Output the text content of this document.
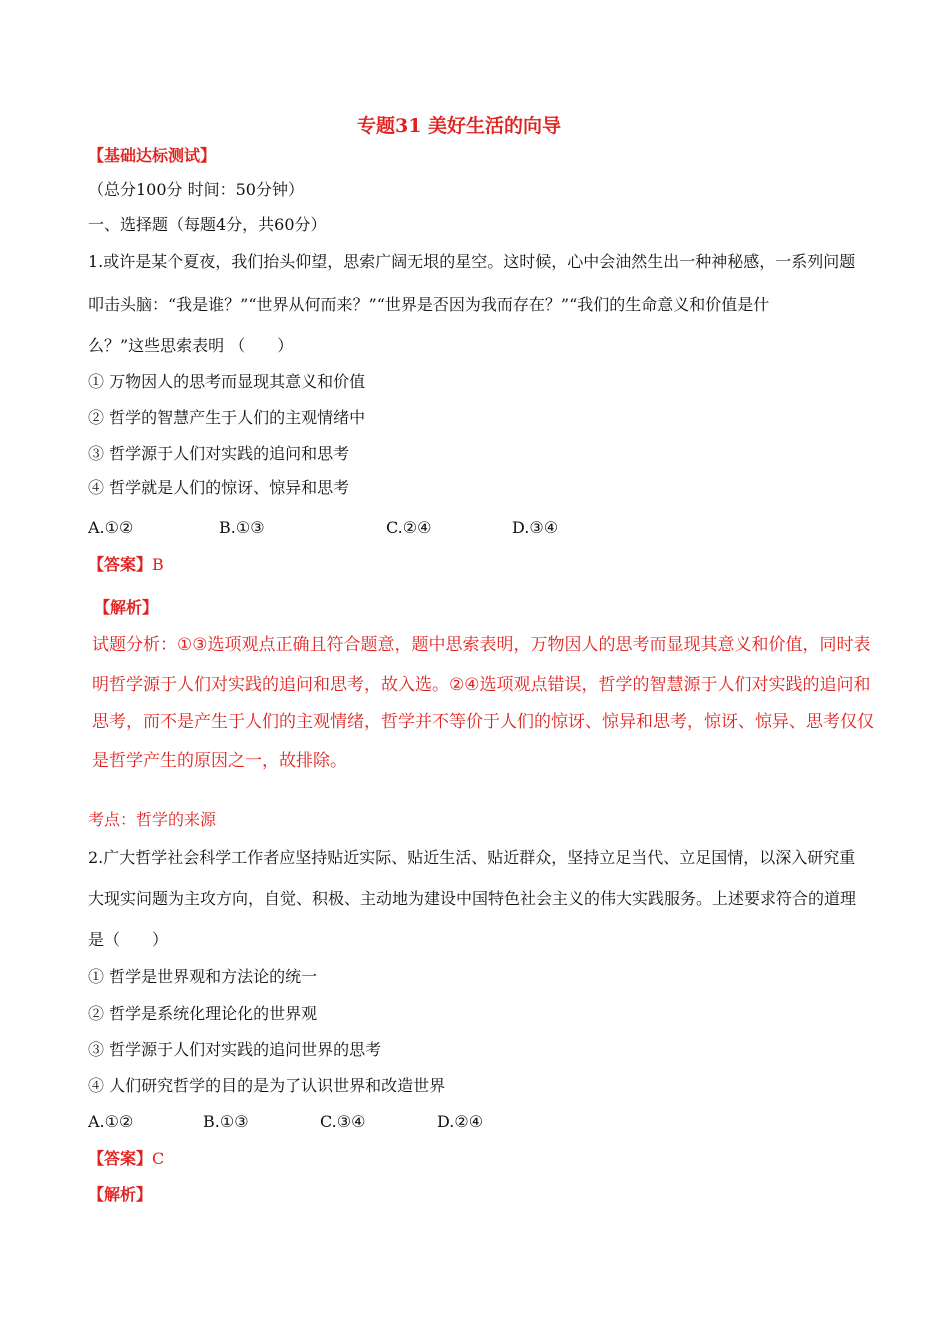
专题31 美好生活的向导
【基础达标测试】
（总分100分 时间：50分钟）
一、选择题（每题4分，共60分）
1.或许是某个夏夜，我们抬头仰望，思索广阔无垠的星空。这时候，心中会油然生出一种神秘感，一系列问题
叩击头脑：“我是谁？”“世界从何而来？”“世界是否因为我而存在？”“我们的生命意义和价值是什
么？”这些思索表明 （　　）
① 万物因人的思考而显现其意义和价值
② 哲学的智慧产生于人们的主观情绪中
③ 哲学源于人们对实践的追问和思考
④ 哲学就是人们的惊讶、惊异和思考
A.①②	B.①③	C.②④	D.③④
【答案】B
【解析】
试题分析：①③选项观点正确且符合题意，题中思索表明，万物因人的思考而显现其意义和价值，同时表
明哲学源于人们对实践的追问和思考，故入选。②④选项观点错误，哲学的智慧源于人们对实践的追问和
思考，而不是产生于人们的主观情绪，哲学并不等价于人们的惊讶、惊异和思考，惊讶、惊异、思考仅仅
是哲学产生的原因之一，故排除。
考点：哲学的来源
2.广大哲学社会科学工作者应坚持贴近实际、贴近生活、贴近群众，坚持立足当代、立足国情，以深入研究重
大现实问题为主攻方向，自觉、积极、主动地为建设中国特色社会主义的伟大实践服务。上述要求符合的道理
是（　　）
① 哲学是世界观和方法论的统一
② 哲学是系统化理论化的世界观
③ 哲学源于人们对实践的追问世界的思考
④ 人们研究哲学的目的是为了认识世界和改造世界
A.①②	B.①③	C.③④	D.②④
【答案】C
【解析】
